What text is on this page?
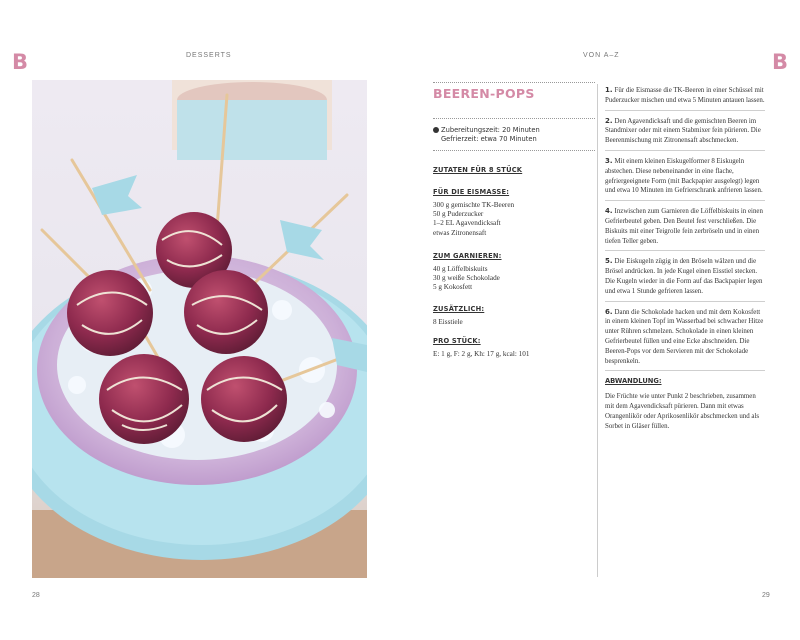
B	DESSERTS
28
VON A–Z	B
BEEREN-POPS
Zubereitungszeit: 20 Minuten
Gefrierzeit: etwa 70 Minuten
ZUTATEN FÜR 8 STÜCK
FÜR DIE EISMASSE:
300 g gemischte TK-Beeren
50 g Puderzucker
1–2 EL Agavendicksaft
etwas Zitronensaft
ZUM GARNIEREN:
40 g Löffelbiskuits
30 g weiße Schokolade
5 g Kokosfett
ZUSÄTZLICH:
8 Eisstiele
PRO STÜCK:
E: 1 g, F: 2 g, Kh: 17 g, kcal: 101

1. Für die Eismasse die TK-Beeren in einer Schüssel mit Puderzucker mischen und etwa 5 Minuten antauen lassen.

2. Den Agavendicksaft und die gemischten Beeren im Standmixer oder mit einem Stabmixer fein pürieren. Die Beerenmischung mit Zitronensaft abschmecken.

3. Mit einem kleinen Eiskugelformer 8 Eiskugeln abstechen. Diese nebeneinander in eine flache, gefriergeeignete Form (mit Backpapier ausgelegt) legen und etwa 10 Minuten im Gefrierschrank anfrieren lassen.

4. Inzwischen zum Garnieren die Löffelbiskuits in einen Gefrierbeutel geben. Den Beutel fest verschließen. Die Biskuits mit einer Teigrolle fein zerbröseln und in einen tiefen Teller geben.

5. Die Eiskugeln zügig in den Bröseln wälzen und die Brösel andrücken. In jede Kugel einen Eisstiel stecken. Die Kugeln wieder in die Form auf das Backpapier legen und etwa 1 Stunde gefrieren lassen.

6. Dann die Schokolade hacken und mit dem Kokosfett in einem kleinen Topf im Wasserbad bei schwacher Hitze unter Rühren schmelzen. Schokolade in einen kleinen Gefrierbeutel füllen und eine Ecke abschneiden. Die Beeren-Pops vor dem Servieren mit der Schokolade besprenkeln.

ABWANDLUNG:

Die Früchte wie unter Punkt 2 beschrieben, zusammen mit dem Agavendicksaft pürieren. Dann mit etwas Orangenlikör oder Aprikosenlikör abschmecken und als Sorbet in Gläser füllen.

29
